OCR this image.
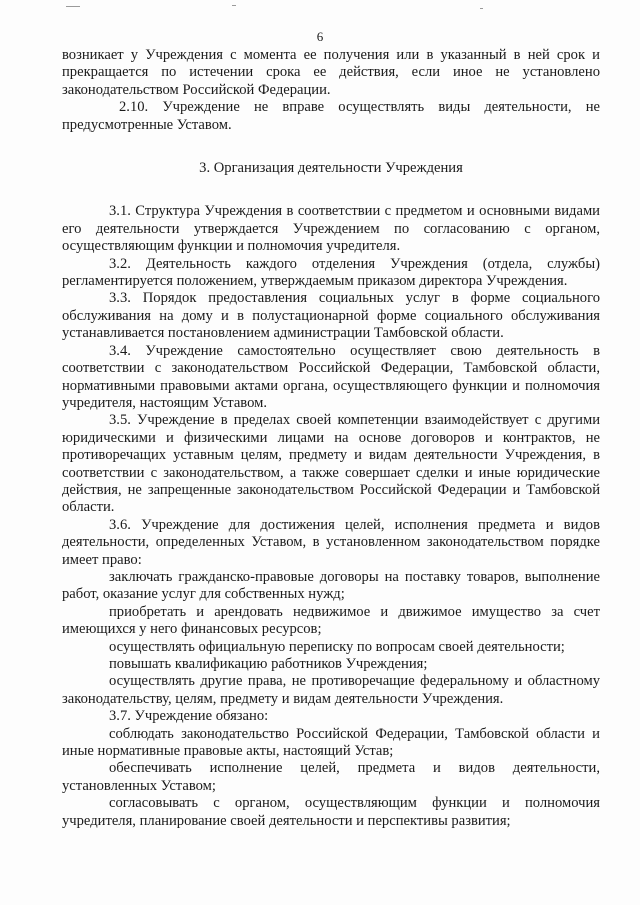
6

возникает у Учреждения с момента ее получения или в указанный в ней срок и прекращается по истечении срока ее действия, если иное не установлено законодательством Российской Федерации.

2.10. Учреждение не вправе осуществлять виды деятельности, не предусмотренные Уставом.

3. Организация деятельности Учреждения

3.1. Структура Учреждения в соответствии с предметом и основными видами его деятельности утверждается Учреждением по согласованию с органом, осуществляющим функции и полномочия учредителя.

3.2. Деятельность каждого отделения Учреждения (отдела, службы) регламентируется положением, утверждаемым приказом директора Учреждения.

3.3. Порядок предоставления социальных услуг в форме социального обслуживания на дому и в полустационарной форме социального обслуживания устанавливается постановлением администрации Тамбовской области.

3.4. Учреждение самостоятельно осуществляет свою деятельность в соответствии с законодательством Российской Федерации, Тамбовской области, нормативными правовыми актами органа, осуществляющего функции и полномочия учредителя, настоящим Уставом.

3.5. Учреждение в пределах своей компетенции взаимодействует с другими юридическими и физическими лицами на основе договоров и контрактов, не противоречащих уставным целям, предмету и видам деятельности Учреждения, в соответствии с законодательством, а также совершает сделки и иные юридические действия, не запрещенные законодательством Российской Федерации и Тамбовской области.

3.6. Учреждение для достижения целей, исполнения предмета и видов деятельности, определенных Уставом, в установленном законодательством порядке имеет право:

заключать гражданско-правовые договоры на поставку товаров, выполнение работ, оказание услуг для собственных нужд;

приобретать и арендовать недвижимое и движимое имущество за счет имеющихся у него финансовых ресурсов;

осуществлять официальную переписку по вопросам своей деятельности;

повышать квалификацию работников Учреждения;

осуществлять другие права, не противоречащие федеральному и областному законодательству, целям, предмету и видам деятельности Учреждения.

3.7. Учреждение обязано:

соблюдать законодательство Российской Федерации, Тамбовской области и иные нормативные правовые акты, настоящий Устав;

обеспечивать исполнение целей, предмета и видов деятельности, установленных Уставом;

согласовывать с органом, осуществляющим функции и полномочия учредителя, планирование своей деятельности и перспективы развития;
